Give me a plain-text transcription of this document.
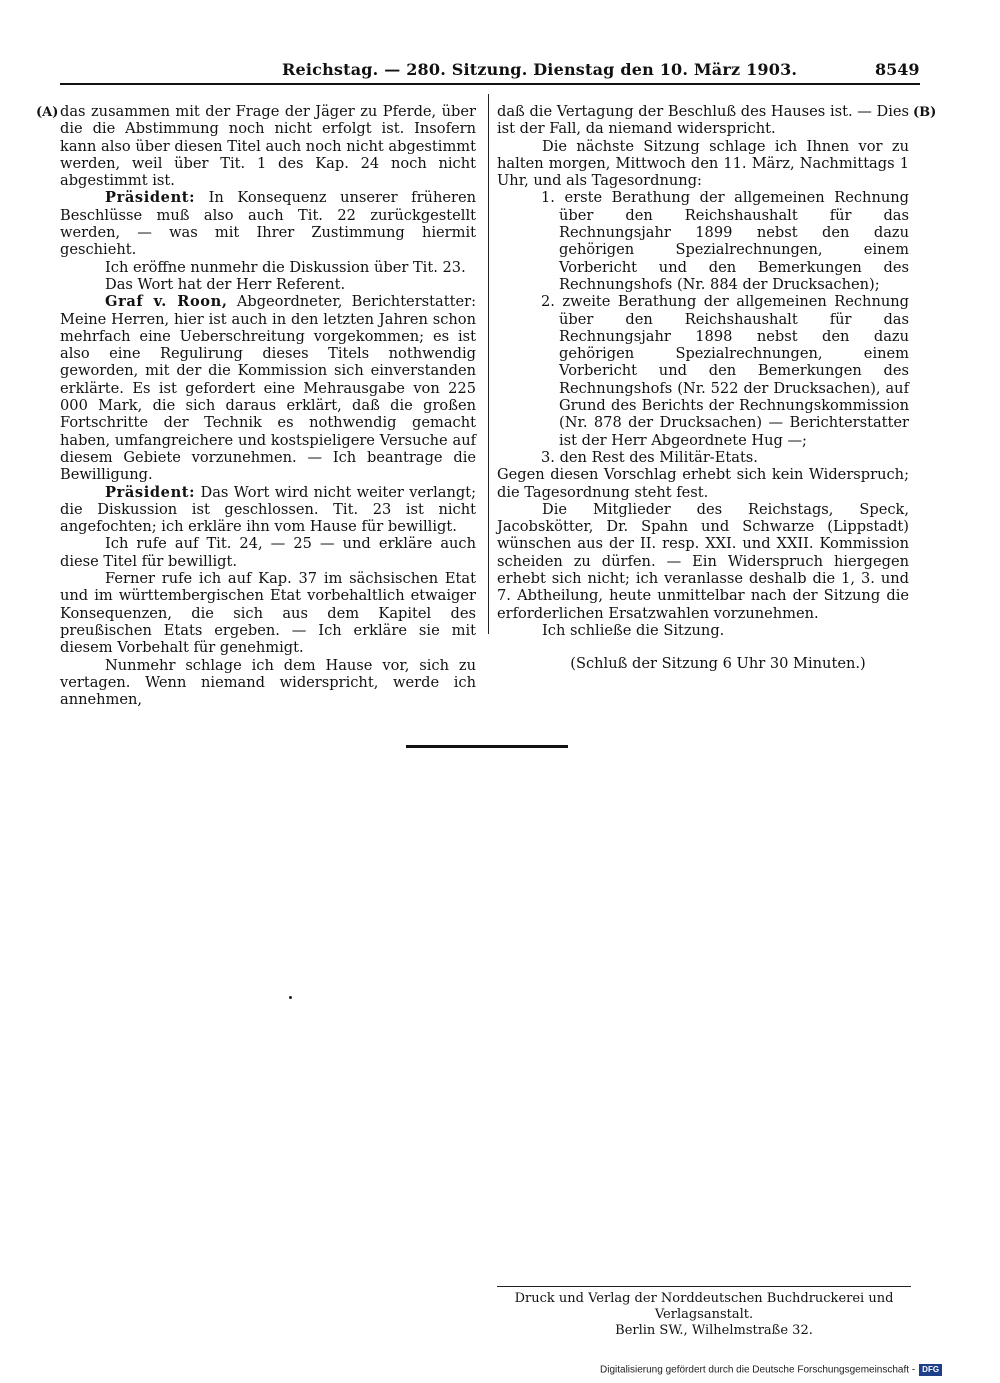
Reichstag. — 280. Sitzung. Dienstag den 10. März 1903.	8549
(A)	(B)

das zusammen mit der Frage der Jäger zu Pferde, über die die Abstimmung noch nicht erfolgt ist. Insofern kann also über diesen Titel auch noch nicht abgestimmt werden, weil über Tit. 1 des Kap. 24 noch nicht abgestimmt ist.

Präsident: In Konsequenz unserer früheren Beschlüsse muß also auch Tit. 22 zurückgestellt werden, — was mit Ihrer Zustimmung hiermit geschieht.

Ich eröffne nunmehr die Diskussion über Tit. 23.

Das Wort hat der Herr Referent.

Graf v. Roon, Abgeordneter, Berichterstatter: Meine Herren, hier ist auch in den letzten Jahren schon mehrfach eine Ueberschreitung vorgekommen; es ist also eine Regulirung dieses Titels nothwendig geworden, mit der die Kommission sich einverstanden erklärte. Es ist gefordert eine Mehrausgabe von 225 000 Mark, die sich daraus erklärt, daß die großen Fortschritte der Technik es nothwendig gemacht haben, umfangreichere und kostspieligere Versuche auf diesem Gebiete vorzunehmen. — Ich beantrage die Bewilligung.

Präsident: Das Wort wird nicht weiter verlangt; die Diskussion ist geschlossen. Tit. 23 ist nicht angefochten; ich erkläre ihn vom Hause für bewilligt.

Ich rufe auf Tit. 24, — 25 — und erkläre auch diese Titel für bewilligt.

Ferner rufe ich auf Kap. 37 im sächsischen Etat und im württembergischen Etat vorbehaltlich etwaiger Konsequenzen, die sich aus dem Kapitel des preußischen Etats ergeben. — Ich erkläre sie mit diesem Vorbehalt für genehmigt.

Nunmehr schlage ich dem Hause vor, sich zu vertagen. Wenn niemand widerspricht, werde ich annehmen,

daß die Vertagung der Beschluß des Hauses ist. — Dies ist der Fall, da niemand widerspricht.

Die nächste Sitzung schlage ich Ihnen vor zu halten morgen, Mittwoch den 11. März, Nachmittags 1 Uhr, und als Tagesordnung:

1. erste Berathung der allgemeinen Rechnung über den Reichshaushalt für das Rechnungsjahr 1899 nebst den dazu gehörigen Spezialrechnungen, einem Vorbericht und den Bemerkungen des Rechnungshofs (Nr. 884 der Drucksachen);

2. zweite Berathung der allgemeinen Rechnung über den Reichshaushalt für das Rechnungsjahr 1898 nebst den dazu gehörigen Spezialrechnungen, einem Vorbericht und den Bemerkungen des Rechnungshofs (Nr. 522 der Drucksachen), auf Grund des Berichts der Rechnungskommission (Nr. 878 der Drucksachen) — Berichterstatter ist der Herr Abgeordnete Hug —;

3. den Rest des Militär-Etats.

Gegen diesen Vorschlag erhebt sich kein Widerspruch; die Tagesordnung steht fest.

Die Mitglieder des Reichstags, Speck, Jacobskötter, Dr. Spahn und Schwarze (Lippstadt) wünschen aus der II. resp. XXI. und XXII. Kommission scheiden zu dürfen. — Ein Widerspruch hiergegen erhebt sich nicht; ich veranlasse deshalb die 1, 3. und 7. Abtheilung, heute unmittelbar nach der Sitzung die erforderlichen Ersatzwahlen vorzunehmen.

Ich schließe die Sitzung.

(Schluß der Sitzung 6 Uhr 30 Minuten.)

Druck und Verlag der Norddeutschen Buchdruckerei und Verlagsanstalt.
Berlin SW., Wilhelmstraße 32.
Digitalisierung gefördert durch die Deutsche Forschungsgemeinschaft - DFG
